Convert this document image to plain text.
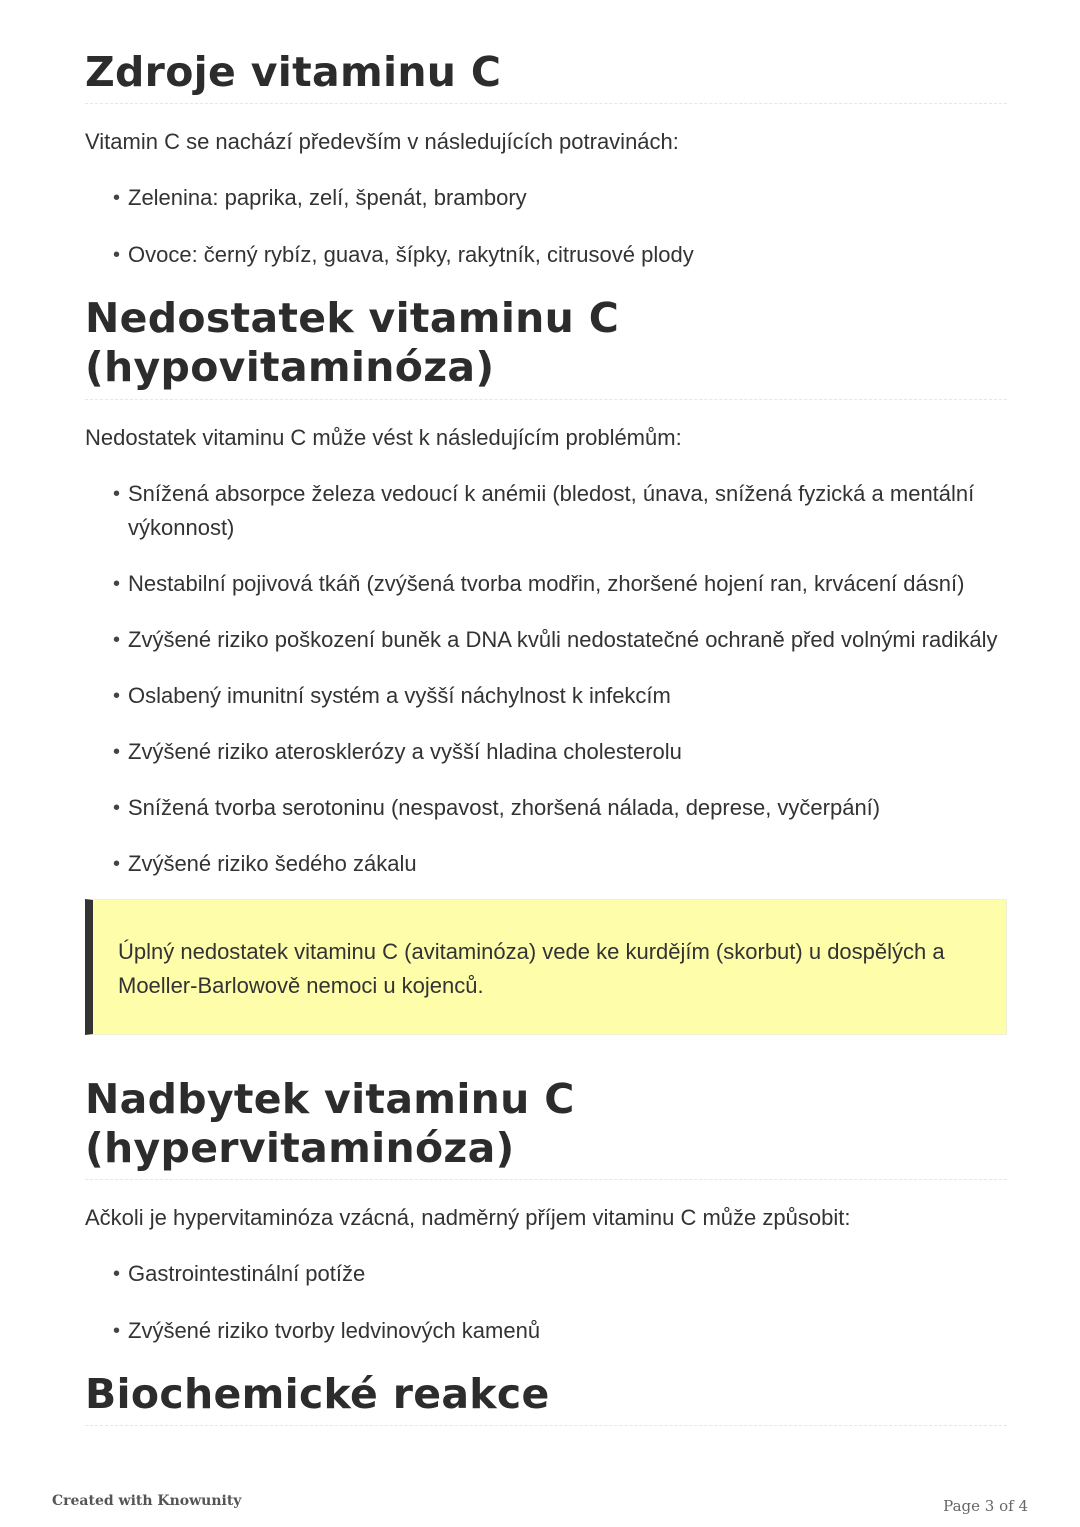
Zdroje vitaminu C

Vitamin C se nachází především v následujících potravinách:

• Zelenina: paprika, zelí, špenát, brambory
• Ovoce: černý rybíz, guava, šípky, rakytník, citrusové plody
Nedostatek vitaminu C (hypovitaminóza)

Nedostatek vitaminu C může vést k následujícím problémům:

• Snížená absorpce železa vedoucí k anémii (bledost, únava, snížená fyzická a mentální výkonnost)
• Nestabilní pojivová tkáň (zvýšená tvorba modřin, zhoršené hojení ran, krvácení dásní)
• Zvýšené riziko poškození buněk a DNA kvůli nedostatečné ochraně před volnými radikály
• Oslabený imunitní systém a vyšší náchylnost k infekcím
• Zvýšené riziko aterosklerózy a vyšší hladina cholesterolu
• Snížená tvorba serotoninu (nespavost, zhoršená nálada, deprese, vyčerpání)
• Zvýšené riziko šedého zákalu
Úplný nedostatek vitaminu C (avitaminóza) vede ke kurdějím (skorbut) u dospělých a Moeller-Barlowově nemoci u kojenců.
Nadbytek vitaminu C (hypervitaminóza)

Ačkoli je hypervitaminóza vzácná, nadměrný příjem vitaminu C může způsobit:

• Gastrointestinální potíže
• Zvýšené riziko tvorby ledvinových kamenů
Biochemické reakce
Created with Knowunity	Page 3 of 4
